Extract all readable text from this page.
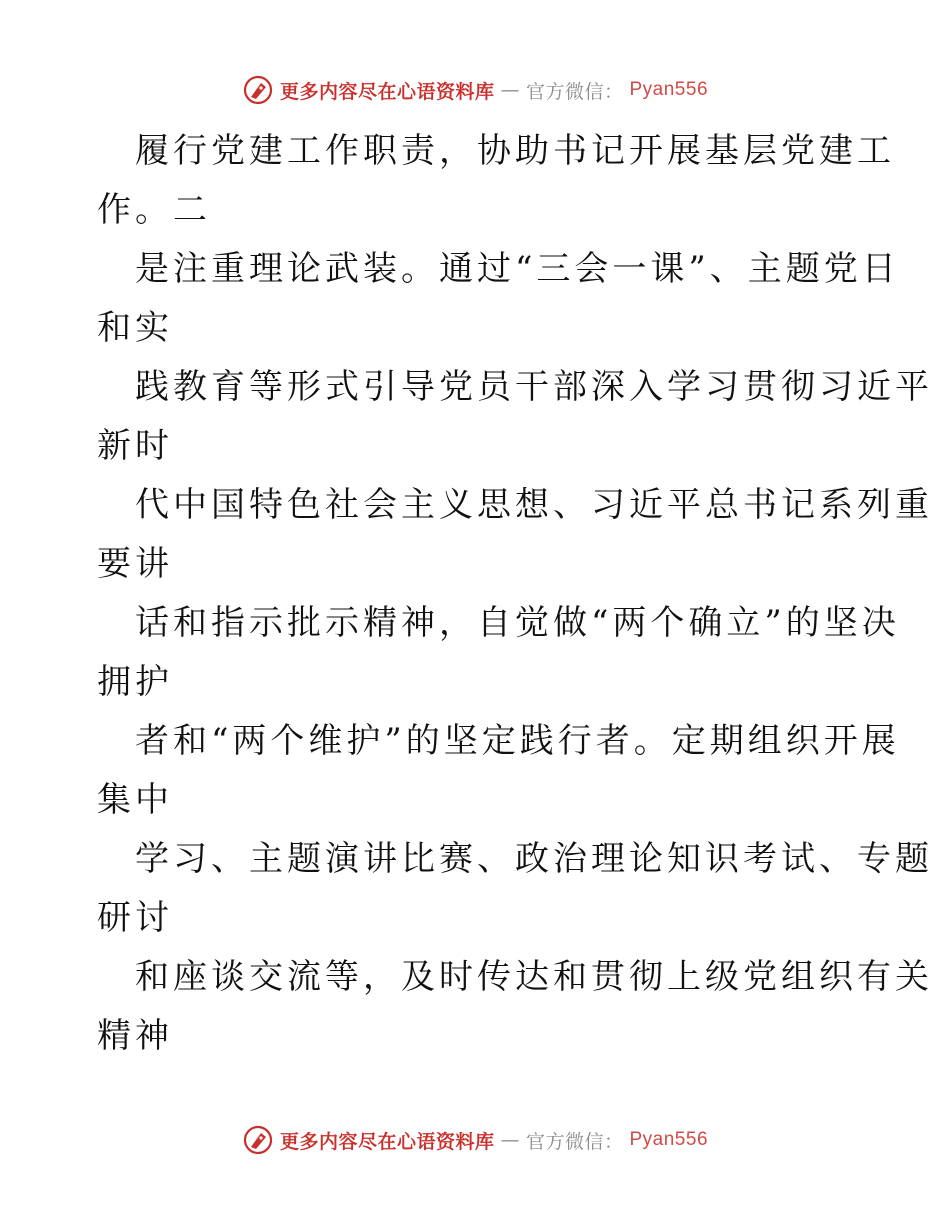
更多内容尽在心语资料库 — 官方微信： Pyan556
履行党建工作职责，协助书记开展基层党建工
作。二
是注重理论武装。通过“三会一课”、主题党日
和实
践教育等形式引导党员干部深入学习贯彻习近平
新时
代中国特色社会主义思想、习近平总书记系列重
要讲
话和指示批示精神，自觉做“两个确立”的坚决
拥护
者和“两个维护”的坚定践行者。定期组织开展
集中
学习、主题演讲比赛、政治理论知识考试、专题
研讨
和座谈交流等，及时传达和贯彻上级党组织有关
精神
更多内容尽在心语资料库 — 官方微信： Pyan556
